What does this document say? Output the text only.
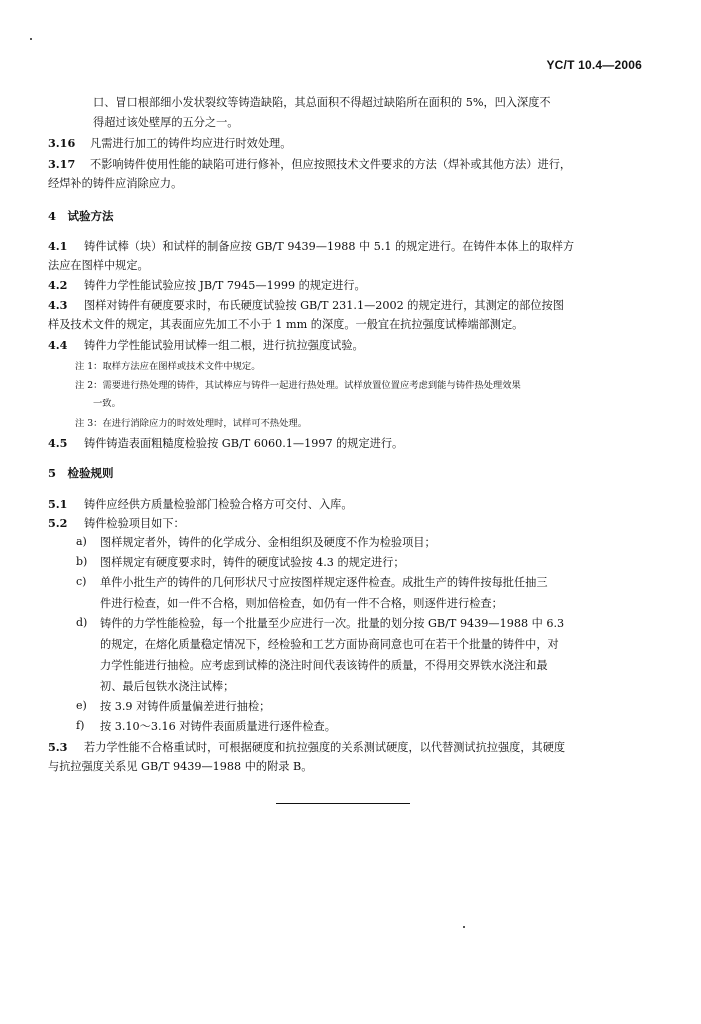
YC/T 10.4—2006
口、冒口根部细小发状裂纹等铸造缺陷，其总面积不得超过缺陷所在面积的 5%，凹入深度不
得超过该处壁厚的五分之一。
3.16 凡需进行加工的铸件均应进行时效处理。
3.17 不影响铸件使用性能的缺陷可进行修补，但应按照技术文件要求的方法（焊补或其他方法）进行，
经焊补的铸件应消除应力。
4　试验方法
4.1 铸件试棒（块）和试样的制备应按 GB/T 9439—1988 中 5.1 的规定进行。在铸件本体上的取样方
法应在图样中规定。
4.2 铸件力学性能试验应按 JB/T 7945—1999 的规定进行。
4.3 图样对铸件有硬度要求时，布氏硬度试验按 GB/T 231.1—2002 的规定进行，其测定的部位按图
样及技术文件的规定，其表面应先加工不小于 1 mm 的深度。一般宜在抗拉强度试棒端部测定。
4.4 铸件力学性能试验用试棒一组二根，进行抗拉强度试验。
注 1：取样方法应在图样或技术文件中规定。
注 2：需要进行热处理的铸件，其试棒应与铸件一起进行热处理。试样放置位置应考虑到能与铸件热处理效果
一致。
注 3：在进行消除应力的时效处理时，试样可不热处理。
4.5 铸件铸造表面粗糙度检验按 GB/T 6060.1—1997 的规定进行。
5　检验规则
5.1 铸件应经供方质量检验部门检验合格方可交付、入库。
5.2 铸件检验项目如下：
a) 图样规定者外，铸件的化学成分、金相组织及硬度不作为检验项目；
b) 图样规定有硬度要求时，铸件的硬度试验按 4.3 的规定进行；
c) 单件小批生产的铸件的几何形状尺寸应按图样规定逐件检查。成批生产的铸件按每批任抽三
件进行检查，如一件不合格，则加倍检查，如仍有一件不合格，则逐件进行检查；
d) 铸件的力学性能检验，每一个批量至少应进行一次。批量的划分按 GB/T 9439—1988 中 6.3
的规定，在熔化质量稳定情况下，经检验和工艺方面协商同意也可在若干个批量的铸件中，对
力学性能进行抽检。应考虑到试棒的浇注时间代表该铸件的质量，不得用交界铁水浇注和最
初、最后包铁水浇注试棒；
e) 按 3.9 对铸件质量偏差进行抽检；
f) 按 3.10～3.16 对铸件表面质量进行逐件检查。
5.3 若力学性能不合格重试时，可根据硬度和抗拉强度的关系测试硬度，以代替测试抗拉强度，其硬度
与抗拉强度关系见 GB/T 9439—1988 中的附录 B。
